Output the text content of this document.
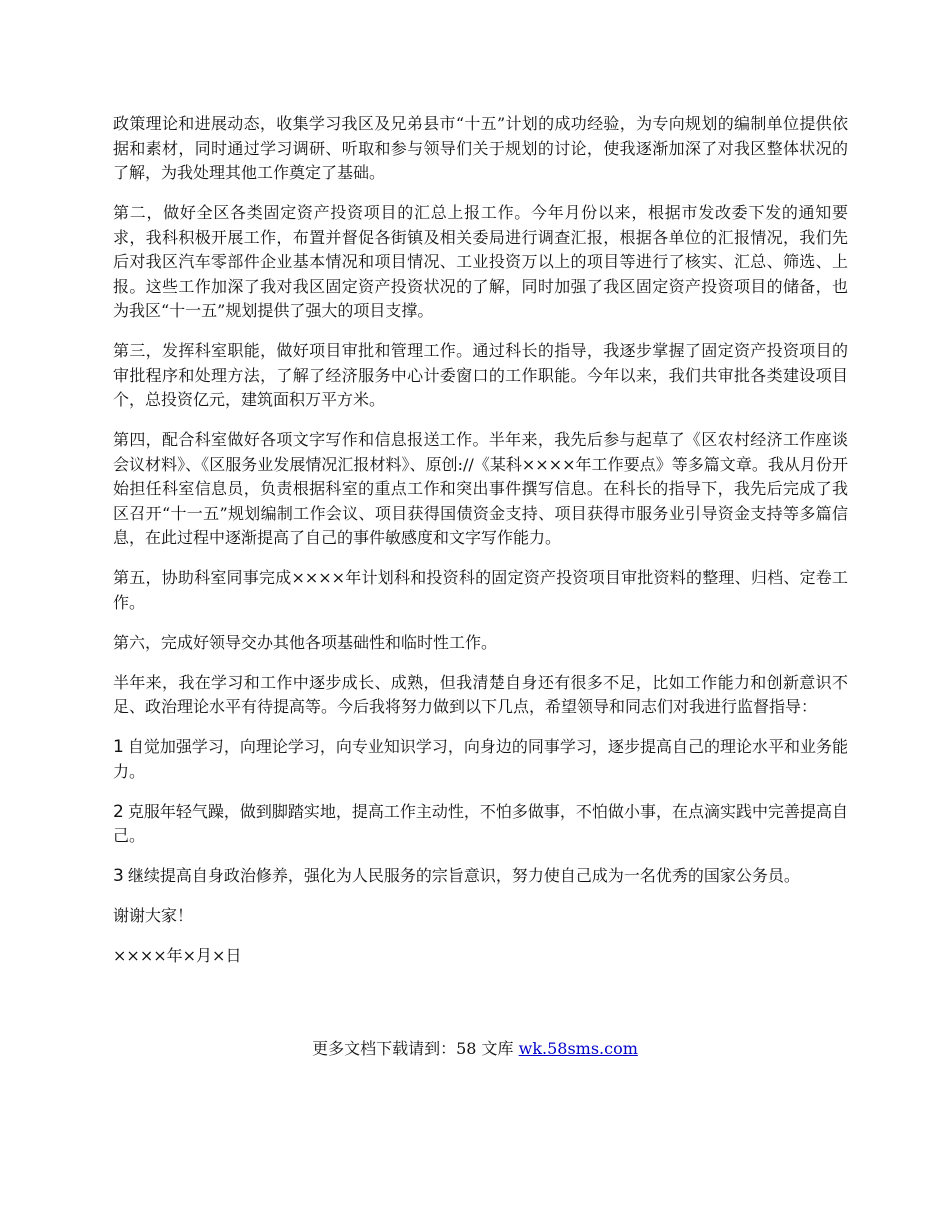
政策理论和进展动态，收集学习我区及兄弟县市“十五”计划的成功经验，为专向规划的编制单位提供依据和素材，同时通过学习调研、听取和参与领导们关于规划的讨论，使我逐渐加深了对我区整体状况的了解，为我处理其他工作奠定了基础。

第二，做好全区各类固定资产投资项目的汇总上报工作。今年月份以来，根据市发改委下发的通知要求，我科积极开展工作，布置并督促各街镇及相关委局进行调查汇报，根据各单位的汇报情况，我们先后对我区汽车零部件企业基本情况和项目情况、工业投资万以上的项目等进行了核实、汇总、筛选、上报。这些工作加深了我对我区固定资产投资状况的了解，同时加强了我区固定资产投资项目的储备，也为我区“十一五”规划提供了强大的项目支撑。

第三，发挥科室职能，做好项目审批和管理工作。通过科长的指导，我逐步掌握了固定资产投资项目的审批程序和处理方法，了解了经济服务中心计委窗口的工作职能。今年以来，我们共审批各类建设项目个，总投资亿元，建筑面积万平方米。

第四，配合科室做好各项文字写作和信息报送工作。半年来，我先后参与起草了《区农村经济工作座谈会议材料》、《区服务业发展情况汇报材料》、原创://《某科××××年工作要点》等多篇文章。我从月份开始担任科室信息员，负责根据科室的重点工作和突出事件撰写信息。在科长的指导下，我先后完成了我区召开“十一五”规划编制工作会议、项目获得国债资金支持、项目获得市服务业引导资金支持等多篇信息，在此过程中逐渐提高了自己的事件敏感度和文字写作能力。

第五，协助科室同事完成××××年计划科和投资科的固定资产投资项目审批资料的整理、归档、定卷工作。

第六，完成好领导交办其他各项基础性和临时性工作。

半年来，我在学习和工作中逐步成长、成熟，但我清楚自身还有很多不足，比如工作能力和创新意识不足、政治理论水平有待提高等。今后我将努力做到以下几点，希望领导和同志们对我进行监督指导：

1 自觉加强学习，向理论学习，向专业知识学习，向身边的同事学习，逐步提高自己的理论水平和业务能力。

2 克服年轻气躁，做到脚踏实地，提高工作主动性，不怕多做事，不怕做小事，在点滴实践中完善提高自己。

3 继续提高自身政治修养，强化为人民服务的宗旨意识，努力使自己成为一名优秀的国家公务员。

谢谢大家！

××××年×月×日

更多文档下载请到：58 文库 wk.58sms.com
